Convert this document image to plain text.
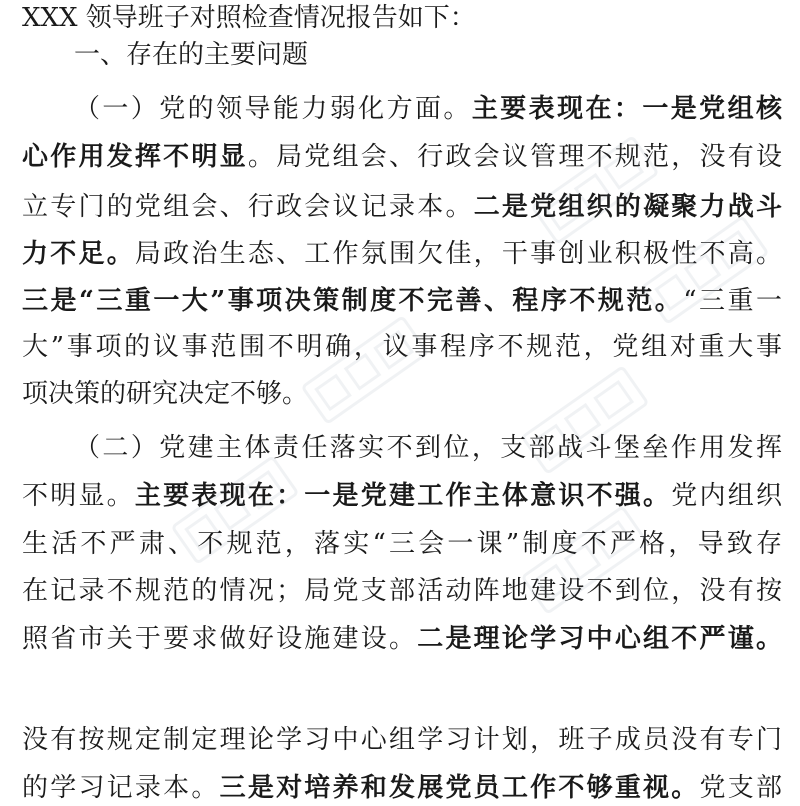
XXX 领导班子对照检查情况报告如下：
一、存在的主要问题
（一）党的领导能力弱化方面。主要表现在：一是党组核
心作用发挥不明显。局党组会、行政会议管理不规范，没有设
立专门的党组会、行政会议记录本。二是党组织的凝聚力战斗
力不足。局政治生态、工作氛围欠佳，干事创业积极性不高。
三是“三重一大”事项决策制度不完善、程序不规范。“三重一
大”事项的议事范围不明确，议事程序不规范，党组对重大事
项决策的研究决定不够。
（二）党建主体责任落实不到位，支部战斗堡垒作用发挥
不明显。主要表现在：一是党建工作主体意识不强。党内组织
生活不严肃、不规范，落实“三会一课”制度不严格，导致存
在记录不规范的情况；局党支部活动阵地建设不到位，没有按
照省市关于要求做好设施建设。二是理论学习中心组不严谨。
没有按规定制定理论学习中心组学习计划，班子成员没有专门
的学习记录本。三是对培养和发展党员工作不够重视。党支部
